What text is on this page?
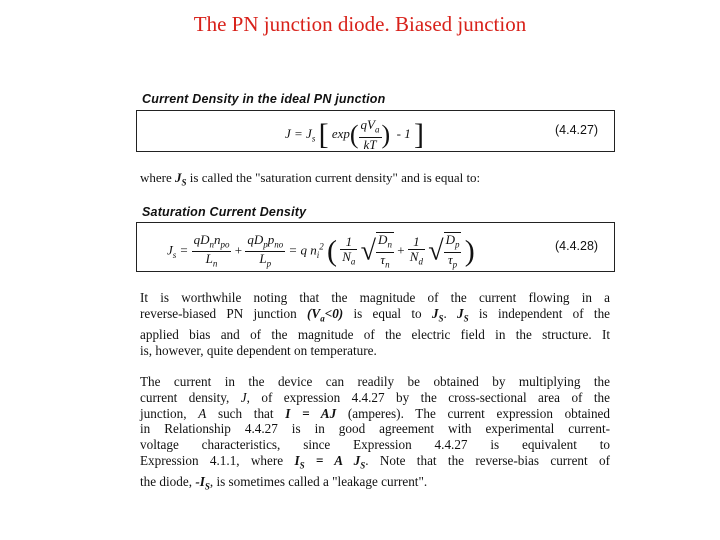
The PN junction diode. Biased junction
Current Density in the ideal PN junction
$J = J_s$ [ $\exp( \frac{qV_a}{kT}$ )  - 1 ]	(4.4.27)
where $J_S$ is called the "saturation current density" and is equal to:
Saturation Current Density
$J_s = \frac{qD_nn_{po}}{L_n} + \frac{qD_pp_{no}}{L_p} = q$ $n_i^2$ ( $\frac{1}{N_a}$ √ $\frac{D_n}{\tau_n} + \frac{1}{N_d}$ √ $\frac{D_p}{\tau_p}$ )	(4.4.28)
It is worthwhile noting that the magnitude of the current flowing in a
reverse-biased PN junction $(V_a<0)$ is equal to $J_S$. $J_S$ is independent of the
applied bias and of the magnitude of the electric field in the structure. It
is, however, quite dependent on temperature.
The current in the device can readily be obtained by multiplying the
current density, J, of expression 4.4.27 by the cross-sectional area of the
junction, A such that I = AJ (amperes). The current expression obtained
in Relationship 4.4.27 is in good agreement with experimental current-
voltage characteristics, since Expression 4.4.27 is equivalent to
Expression 4.1.1, where $I_S = A$ $J_S$. Note that the reverse-bias current of
the diode, $-I_S$, is sometimes called a "leakage current".
